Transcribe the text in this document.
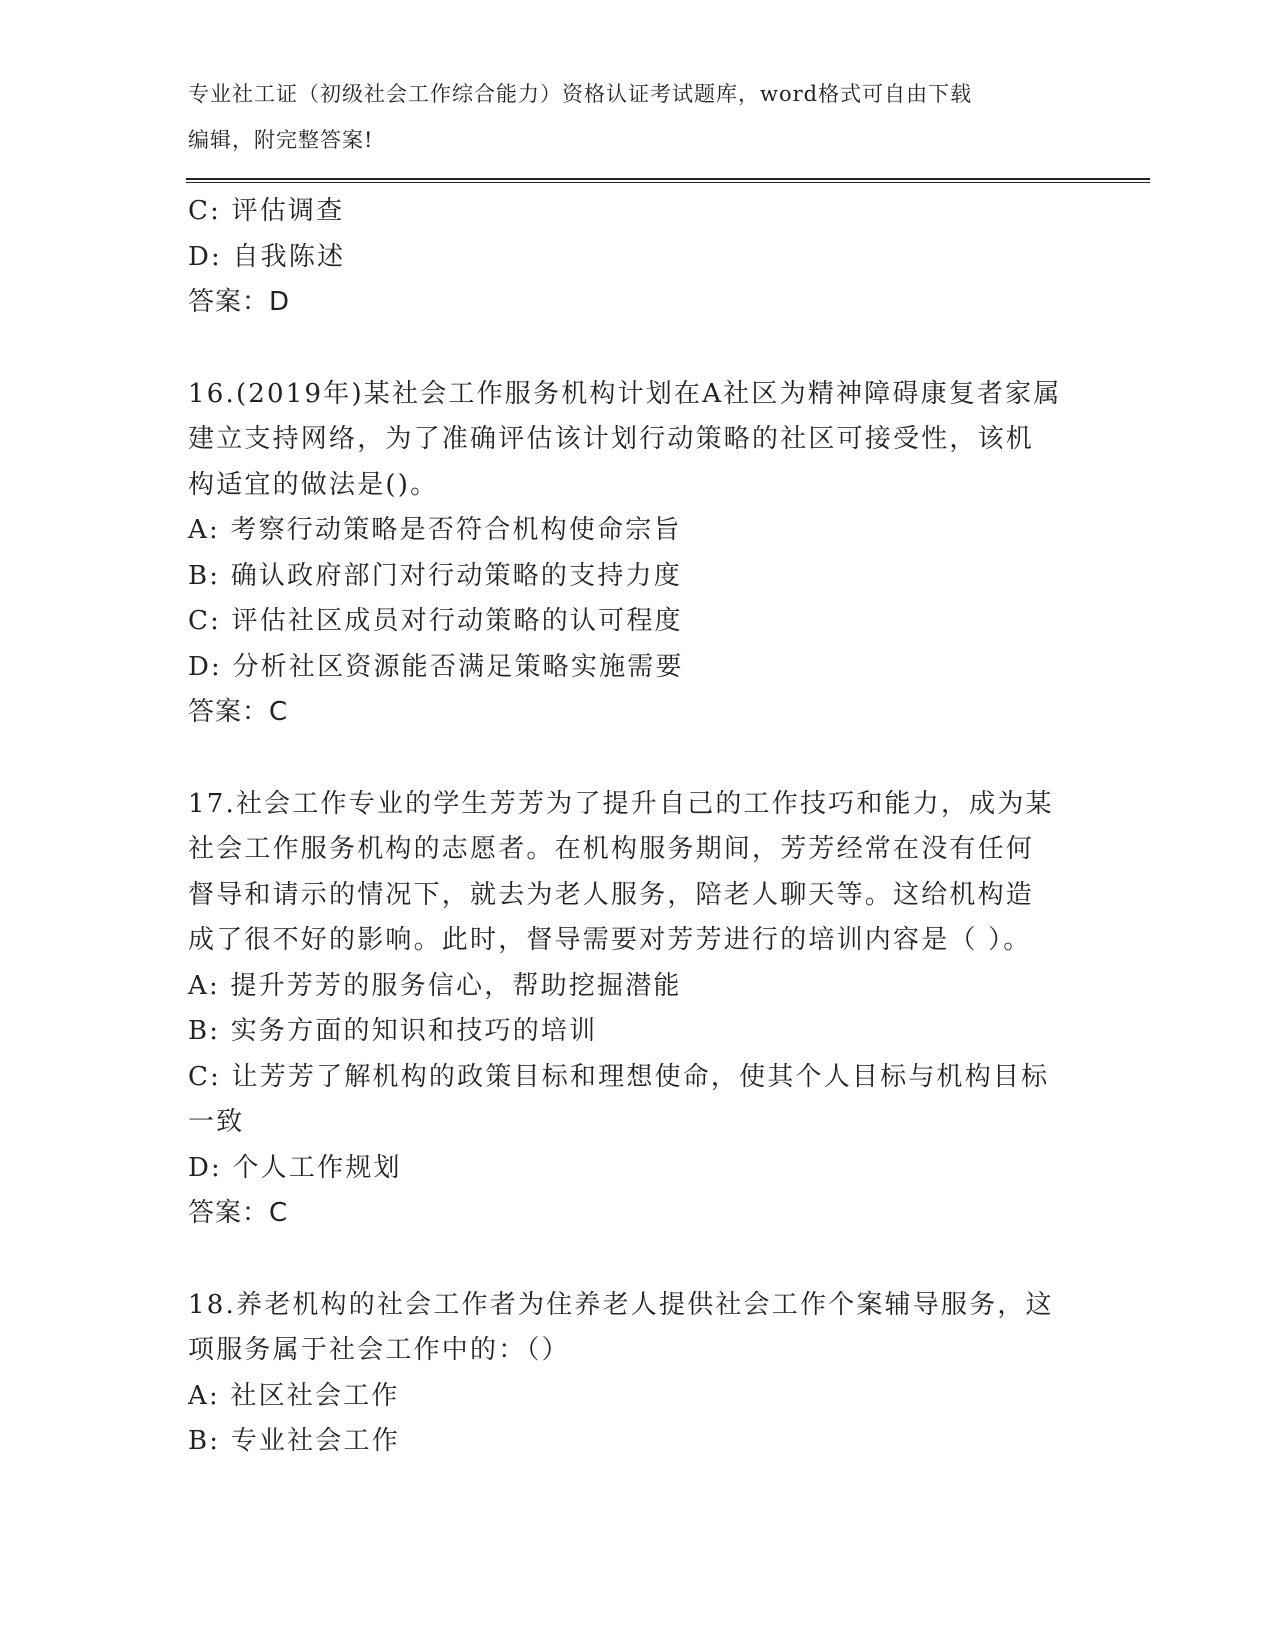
专业社工证（初级社会工作综合能力）资格认证考试题库，word格式可自由下载
编辑，附完整答案!
C: 评估调查
D: 自我陈述
答案：D
16.(2019年)某社会工作服务机构计划在A社区为精神障碍康复者家属
建立支持网络，为了准确评估该计划行动策略的社区可接受性，该机
构适宜的做法是()。
A: 考察行动策略是否符合机构使命宗旨
B: 确认政府部门对行动策略的支持力度
C: 评估社区成员对行动策略的认可程度
D: 分析社区资源能否满足策略实施需要
答案：C
17.社会工作专业的学生芳芳为了提升自己的工作技巧和能力，成为某
社会工作服务机构的志愿者。在机构服务期间，芳芳经常在没有任何
督导和请示的情况下，就去为老人服务，陪老人聊天等。这给机构造
成了很不好的影响。此时，督导需要对芳芳进行的培训内容是（ ）。
A: 提升芳芳的服务信心，帮助挖掘潜能
B: 实务方面的知识和技巧的培训
C: 让芳芳了解机构的政策目标和理想使命，使其个人目标与机构目标
一致
D: 个人工作规划
答案：C
18.养老机构的社会工作者为住养老人提供社会工作个案辅导服务，这
项服务属于社会工作中的：（）
A: 社区社会工作
B: 专业社会工作
